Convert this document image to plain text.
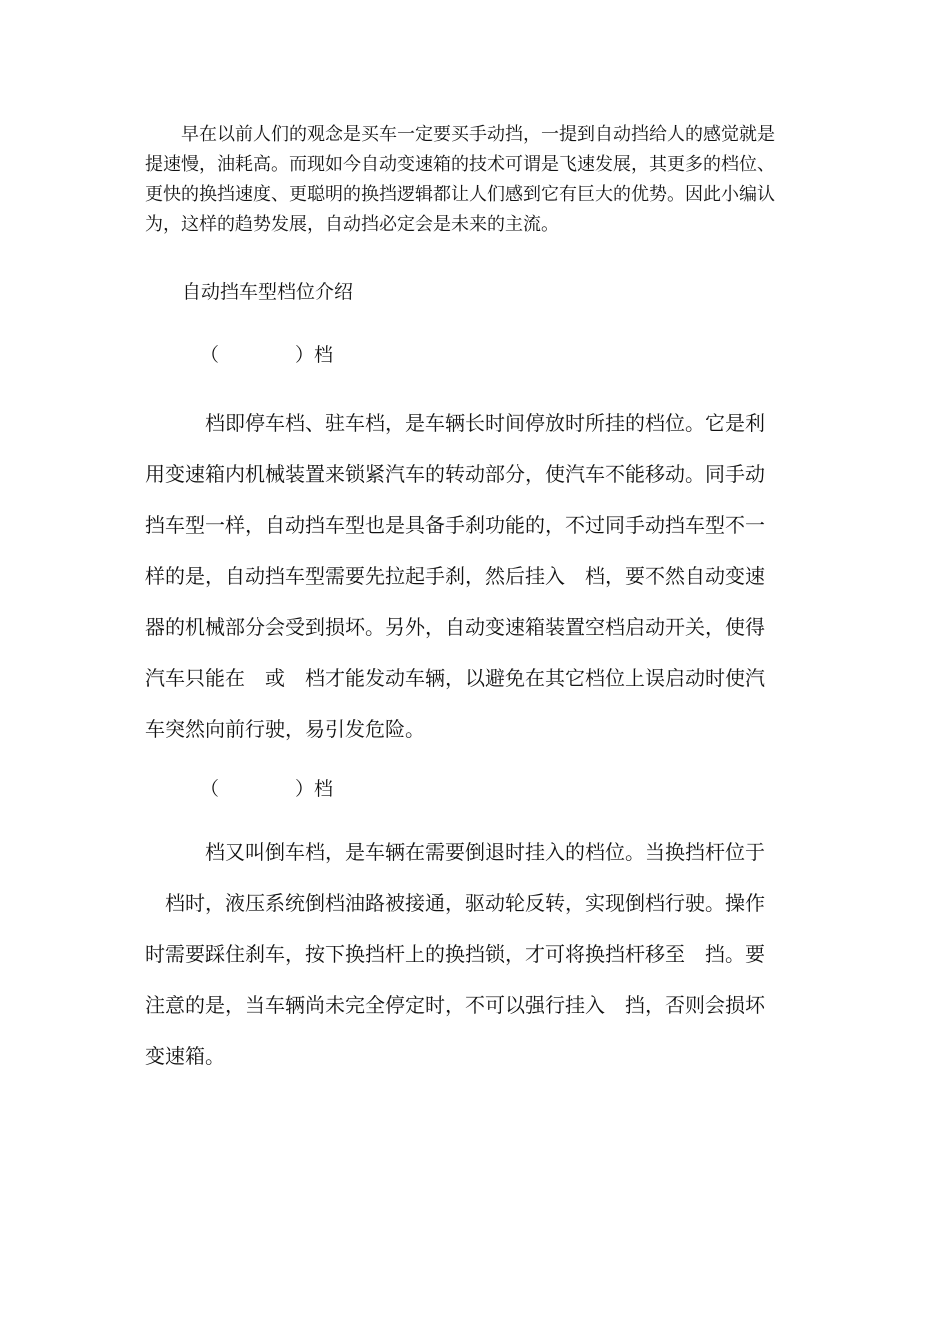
　　早在以前人们的观念是买车一定要买手动挡，一提到自动挡给人的感觉就是
提速慢，油耗高。而现如今自动变速箱的技术可谓是飞速发展，其更多的档位、
更快的换挡速度、更聪明的换挡逻辑都让人们感到它有巨大的优势。因此小编认
为，这样的趋势发展，自动挡必定会是未来的主流。

自动挡车型档位介绍

（　　　　）档

　　　档即停车档、驻车档，是车辆长时间停放时所挂的档位。它是利
用变速箱内机械装置来锁紧汽车的转动部分，使汽车不能移动。同手动
挡车型一样，自动挡车型也是具备手刹功能的，不过同手动挡车型不一
样的是，自动挡车型需要先拉起手刹，然后挂入　档，要不然自动变速
器的机械部分会受到损坏。另外，自动变速箱装置空档启动开关，使得
汽车只能在　或　档才能发动车辆，以避免在其它档位上误启动时使汽
车突然向前行驶，易引发危险。

（　　　　）档

　　　档又叫倒车档，是车辆在需要倒退时挂入的档位。当换挡杆位于
　档时，液压系统倒档油路被接通，驱动轮反转，实现倒档行驶。操作
时需要踩住刹车，按下换挡杆上的换挡锁，才可将换挡杆移至　挡。要
注意的是，当车辆尚未完全停定时，不可以强行挂入　挡，否则会损坏
变速箱。
